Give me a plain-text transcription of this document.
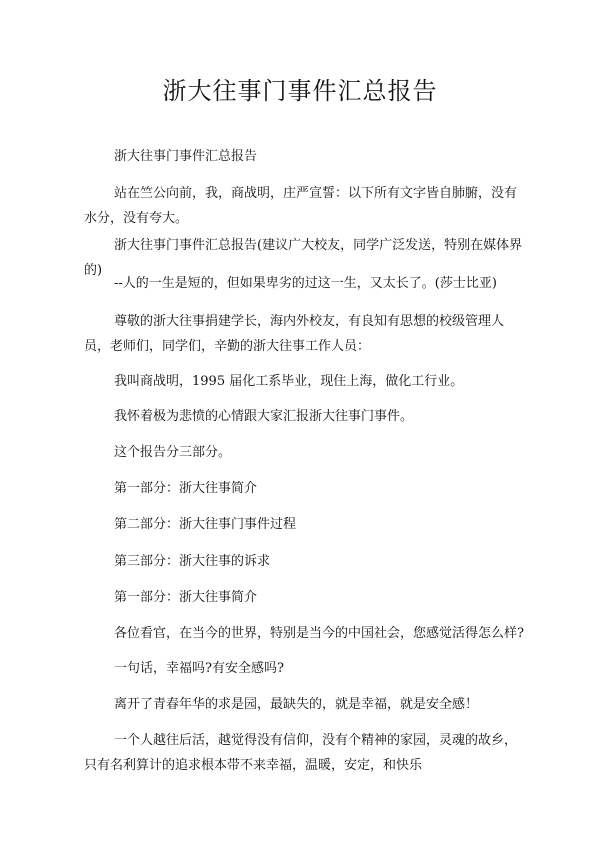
浙大往事门事件汇总报告

浙大往事门事件汇总报告

站在竺公向前，我，商战明，庄严宣誓：以下所有文字皆自肺腑，没有水分，没有夸大。

浙大往事门事件汇总报告(建议广大校友，同学广泛发送，特别在媒体界的)

--人的一生是短的，但如果卑劣的过这一生，又太长了。(莎士比亚)

尊敬的浙大往事捐建学长，海内外校友，有良知有思想的校级管理人员，老师们，同学们，辛勤的浙大往事工作人员：

我叫商战明，1995 届化工系毕业，现住上海，做化工行业。

我怀着极为悲愤的心情跟大家汇报浙大往事门事件。

这个报告分三部分。

第一部分：浙大往事简介

第二部分：浙大往事门事件过程

第三部分：浙大往事的诉求

第一部分：浙大往事简介

各位看官，在当今的世界，特别是当今的中国社会，您感觉活得怎么样?

一句话，幸福吗?有安全感吗?

离开了青春年华的求是园，最缺失的，就是幸福，就是安全感！

一个人越往后活，越觉得没有信仰，没有个精神的家园，灵魂的故乡，只有名利算计的追求根本带不来幸福，温暖，安定，和快乐
